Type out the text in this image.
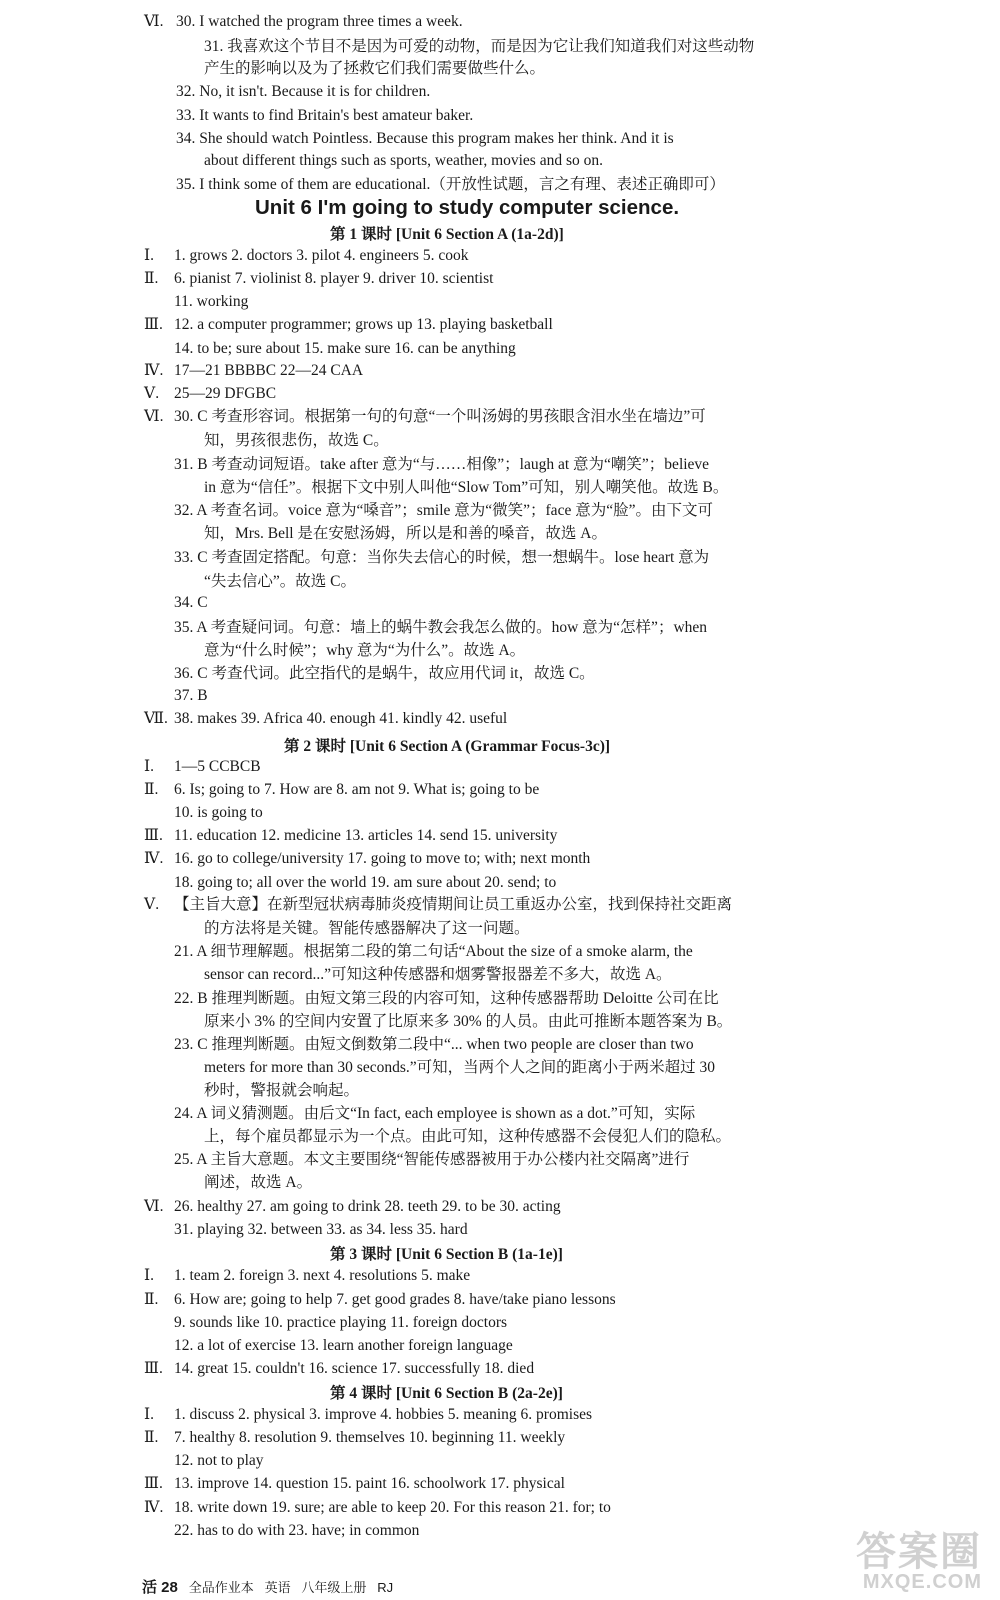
Ⅵ. 30. I watched the program three times a week.
31. 我喜欢这个节目不是因为可爱的动物，而是因为它让我们知道我们对这些动物
产生的影响以及为了拯救它们我们需要做些什么。
32. No, it isn't. Because it is for children.
33. It wants to find Britain's best amateur baker.
34. She should watch Pointless. Because this program makes her think. And it is
about different things such as sports, weather, movies and so on.
35. I think some of them are educational.（开放性试题，言之有理、表述正确即可）
Ⅰ. 1. grows 2. doctors 3. pilot 4. engineers 5. cook
Ⅱ. 6. pianist 7. violinist 8. player 9. driver 10. scientist
11. working
Ⅲ. 12. a computer programmer; grows up 13. playing basketball
14. to be; sure about 15. make sure 16. can be anything
Ⅳ. 17—21 BBBBC 22—24 CAA
Ⅴ. 25—29 DFGBC
Ⅵ. 30. C 考查形容词。根据第一句的句意“一个叫汤姆的男孩眼含泪水坐在墙边”可
知，男孩很悲伤，故选 C。
31. B 考查动词短语。take after 意为“与……相像”；laugh at 意为“嘲笑”；believe
in 意为“信任”。根据下文中别人叫他“Slow Tom”可知，别人嘲笑他。故选 B。
32. A 考查名词。voice 意为“嗓音”；smile 意为“微笑”；face 意为“脸”。由下文可
知，Mrs. Bell 是在安慰汤姆，所以是和善的嗓音，故选 A。
33. C 考查固定搭配。句意：当你失去信心的时候，想一想蜗牛。lose heart 意为
“失去信心”。故选 C。
34. C
35. A 考查疑问词。句意：墙上的蜗牛教会我怎么做的。how 意为“怎样”；when
意为“什么时候”；why 意为“为什么”。故选 A。
36. C 考查代词。此空指代的是蜗牛，故应用代词 it，故选 C。
37. B
Ⅶ. 38. makes 39. Africa 40. enough 41. kindly 42. useful
Ⅰ. 1—5 CCBCB
Ⅱ. 6. Is; going to 7. How are 8. am not 9. What is; going to be
10. is going to
Ⅲ. 11. education 12. medicine 13. articles 14. send 15. university
Ⅳ. 16. go to college/university 17. going to move to; with; next month
18. going to; all over the world 19. am sure about 20. send; to
Ⅴ. 【主旨大意】在新型冠状病毒肺炎疫情期间让员工重返办公室，找到保持社交距离
的方法将是关键。智能传感器解决了这一问题。
21. A 细节理解题。根据第二段的第二句话“About the size of a smoke alarm, the
sensor can record...”可知这种传感器和烟雾警报器差不多大，故选 A。
22. B 推理判断题。由短文第三段的内容可知，这种传感器帮助 Deloitte 公司在比
原来小 3% 的空间内安置了比原来多 30% 的人员。由此可推断本题答案为 B。
23. C 推理判断题。由短文倒数第二段中“... when two people are closer than two
meters for more than 30 seconds.”可知，当两个人之间的距离小于两米超过 30
秒时，警报就会响起。
24. A 词义猜测题。由后文“In fact, each employee is shown as a dot.”可知，实际
上，每个雇员都显示为一个点。由此可知，这种传感器不会侵犯人们的隐私。
25. A 主旨大意题。本文主要围绕“智能传感器被用于办公楼内社交隔离”进行
阐述，故选 A。
Ⅵ. 26. healthy 27. am going to drink 28. teeth 29. to be 30. acting
31. playing 32. between 33. as 34. less 35. hard
Ⅰ. 1. team 2. foreign 3. next 4. resolutions 5. make
Ⅱ. 6. How are; going to help 7. get good grades 8. have/take piano lessons
9. sounds like 10. practice playing 11. foreign doctors
12. a lot of exercise 13. learn another foreign language
Ⅲ. 14. great 15. couldn't 16. science 17. successfully 18. died
Ⅰ. 1. discuss 2. physical 3. improve 4. hobbies 5. meaning 6. promises
Ⅱ. 7. healthy 8. resolution 9. themselves 10. beginning 11. weekly
12. not to play
Ⅲ. 13. improve 14. question 15. paint 16. schoolwork 17. physical
Ⅳ. 18. write down 19. sure; are able to keep 20. For this reason 21. for; to
22. has to do with 23. have; in common
Unit 6 I'm going to study computer science.
第 1 课时 [Unit 6 Section A (1a-2d)]
第 2 课时 [Unit 6 Section A (Grammar Focus-3c)]
第 3 课时 [Unit 6 Section B (1a-1e)]
第 4 课时 [Unit 6 Section B (2a-2e)]
活 28 全品作业本 英语 八年级上册 RJ
答案圈
MXQE.COM
